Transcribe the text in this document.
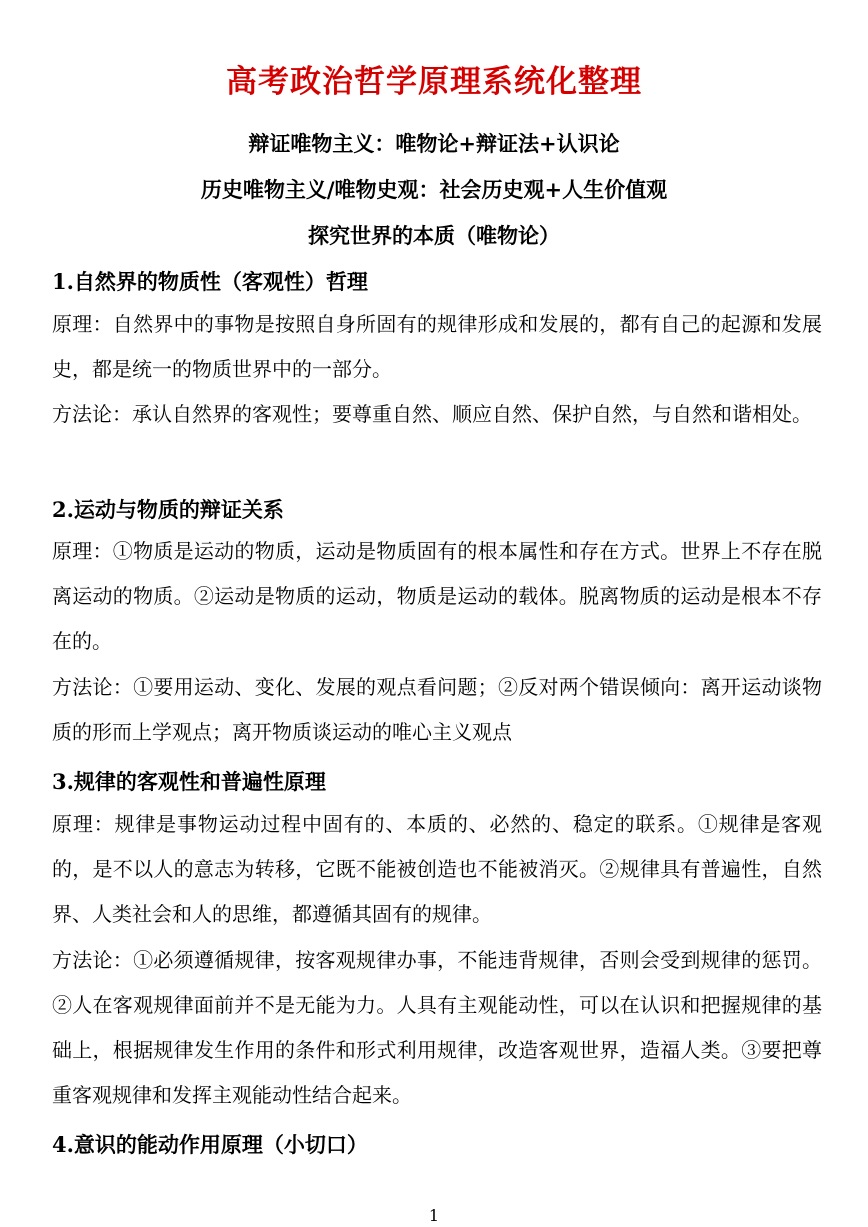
高考政治哲学原理系统化整理
辩证唯物主义：唯物论+辩证法+认识论
历史唯物主义/唯物史观：社会历史观+人生价值观
探究世界的本质（唯物论）
1.自然界的物质性（客观性）哲理
原理：自然界中的事物是按照自身所固有的规律形成和发展的，都有自己的起源和发展史，都是统一的物质世界中的一部分。
方法论：承认自然界的客观性；要尊重自然、顺应自然、保护自然，与自然和谐相处。
2.运动与物质的辩证关系
原理：①物质是运动的物质，运动是物质固有的根本属性和存在方式。世界上不存在脱离运动的物质。②运动是物质的运动，物质是运动的载体。脱离物质的运动是根本不存在的。
方法论：①要用运动、变化、发展的观点看问题；②反对两个错误倾向：离开运动谈物质的形而上学观点；离开物质谈运动的唯心主义观点
3.规律的客观性和普遍性原理
原理：规律是事物运动过程中固有的、本质的、必然的、稳定的联系。①规律是客观的，是不以人的意志为转移，它既不能被创造也不能被消灭。②规律具有普遍性，自然界、人类社会和人的思维，都遵循其固有的规律。
方法论：①必须遵循规律，按客观规律办事，不能违背规律，否则会受到规律的惩罚。②人在客观规律面前并不是无能为力。人具有主观能动性，可以在认识和把握规律的基础上，根据规律发生作用的条件和形式利用规律，改造客观世界，造福人类。③要把尊重客观规律和发挥主观能动性结合起来。
4.意识的能动作用原理（小切口）
1
